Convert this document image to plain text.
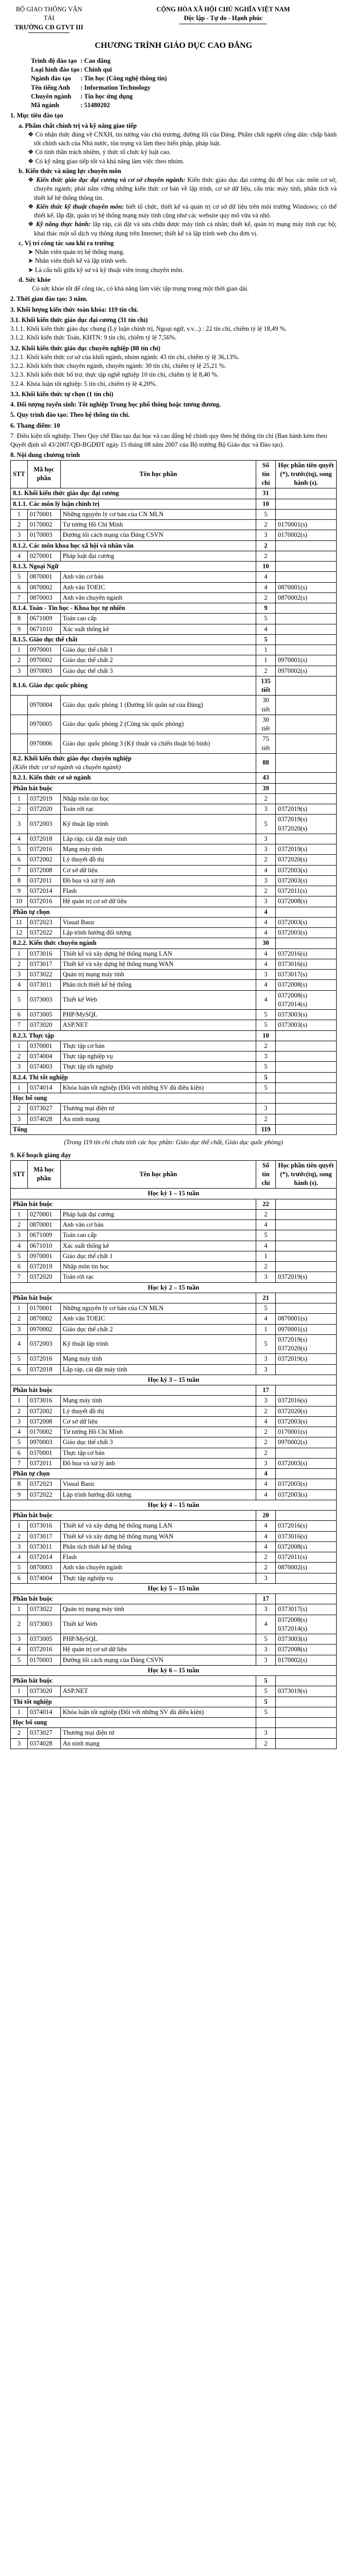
BỘ GIAO THÔNG VẬN TẢI
TRƯỜNG CĐ GTVT III
CỘNG HÒA XÃ HỘI CHỦ NGHĨA VIỆT NAM
Độc lập - Tự do - Hạnh phúc
CHƯƠNG TRÌNH GIÁO DỤC CAO ĐẲNG
Trình độ đào tạo : Cao đẳng
Loại hình đào tạo : Chính qui
Ngành đào tạo	: Tin học (Công nghệ thông tin)
Tên tiếng Anh	: Information Technology
Chuyên ngành	: Tin học ứng dụng
Mã ngành	: 51480202
1. Mục tiêu đào tạo
a. Phẩm chất chính trị và kỹ năng giao tiếp
❖ Có nhận thức đúng về CNXH, tin tưởng vào chủ trương, đường lối của Đảng. Phẩm chất người công dân: chấp hành tốt chính sách của Nhà nước, tôn trọng và làm theo hiến pháp, pháp luật.
❖ Có tinh thần trách nhiệm, ý thức tổ chức kỷ luật cao.
❖ Có kỹ năng giao tiếp tốt và khả năng làm việc theo nhóm.
b. Kiến thức và năng lực chuyên môn
❖ Kiến thức giáo dục đại cương và cơ sở chuyên ngành: Kiến thức giáo dục đại cương đủ để học các môn cơ sở, chuyên ngành; phải nắm vững những kiến thức cơ bản về lập trình, cơ sở dữ liệu, cấu trúc máy tính, phân tích và thiết kế hệ thống thông tin.
❖ Kiến thức kỹ thuật chuyên môn: biết tổ chức, thiết kế và quản trị cơ sở dữ liệu trên môi trường Windows; có thể thiết kế, lắp đặt, quản trị hệ thống mạng máy tính cũng như các website quy mô vừa và nhỏ.
❖ Kỹ năng thực hành: lắp ráp, cài đặt và sửa chữa được máy tính cá nhân; thiết kế, quản trị mạng máy tính cục bộ; khai thác một số dịch vụ thông dụng trên Internet; thiết kế và lập trình web cho đơn vị.
c. Vị trí công tác sau khi ra trường
➤ Nhân viên quản trị hệ thống mạng.
➤ Nhân viên thiết kế và lập trình web.
➤ Là cấu nối giữa kỹ sư và kỹ thuật viên trong chuyên môn.
d. Sức khỏe
Có sức khỏe tốt để công tác, có khả năng làm việc tập trung trong một thời gian dài.
2. Thời gian đào tạo: 3 năm.
3. Khối lượng kiến thức toàn khóa: 119 tín chỉ.
3.1. Khối kiến thức giáo dục đại cương (31 tín chỉ)
3.1.1. Khối kiến thức giáo dục chung (Lý luận chính trị, Ngoại ngữ, v.v...) : 22 tín chỉ, chiếm tỷ lệ 18,49 %.
3.1.2. Khối kiến thức Toán, KHTN: 9 tín chỉ, chiếm tỷ lệ 7,56%.
3.2. Khối kiến thức giáo dục chuyên nghiệp (88 tín chỉ)
3.2.1. Khối kiến thức cơ sở của khối ngành, nhóm ngành: 43 tín chỉ, chiếm tỷ lệ 36,13%.
3.2.2. Khối kiến thức chuyên ngành, chuyên ngành: 30 tín chỉ, chiếm tỷ lệ 25,21 %.
3.2.3. Khối kiến thức bổ trợ, thực tập nghề nghiệp 10 tín chỉ, chiếm tỷ lệ 8,40 %.
3.2.4. Khóa luận tốt nghiệp: 5 tín chỉ, chiếm tỷ lệ 4,20%.
3.3. Khối kiến thức tự chọn (1 tín chỉ)
4. Đối tượng tuyển sinh: Tốt nghiệp Trung học phổ thông hoặc tương đương.
5. Quy trình đào tạo: Theo hệ thống tín chỉ.
6. Thang điểm: 10
7. Điều kiện tốt nghiệp: Theo Quy chế Đào tạo đại học và cao đẳng hệ chính quy theo hệ thống tín chỉ (Ban hành kèm theo Quyết định số 43/2007/QĐ-BGDĐT ngày 15 tháng 08 năm 2007 của Bộ trưởng Bộ Giáo dục và Đào tạo).
8. Nội dung chương trình
STT	Mã học phần	Tên học phần	Số tín chỉ	Học phần tiên quyết (*), trước(tq), song hành (s).
8.1. Khối kiến thức giáo dục đại cương			31	
8.1.1. Các môn lý luận chính trị			10	
1	0170001	Những nguyên lý cơ bản của CN MLN	5	
2	0170002	Tư tưởng Hồ Chí Minh	2	0170001(s)
3	0170003	Đường lối cách mạng của Đảng CSVN	3	0170002(s)
8.1.2. Các môn khoa học xã hội và nhân văn			2	
4	0270001	Pháp luật đại cương	2	
8.1.3. Ngoại Ngữ			10	
5	0870001	Anh văn cơ bản	4	
6	0870002	Anh văn TOEIC	4	0870001(s)
7	0870003	Anh văn chuyên ngành	2	0870002(s)
8.1.4. Toán - Tin học - Khoa học tự nhiên			9	
8	0671009	Toán cao cấp	5	
9	0671010	Xác suất thống kê	4	
8.1.5. Giáo dục thể chất			5	
1	0970001	Giáo dục thể chất 1	1	
2	0970002	Giáo dục thể chất 2	1	0970001(s)
3	0970003	Giáo dục thể chất 3	2	0970002(s)
8.1.6. Giáo dục quốc phòng			135 tiết	
	0970004	Giáo dục quốc phòng 1 (Đường lối quân sự của Đảng)	30 tiết	
	0970005	Giáo dục quốc phòng 2 (Công tác quốc phòng)	30 tiết	
	0970006	Giáo dục quốc phòng 3 (Kỹ thuật và chiến thuật bộ binh)	75 tiết	
8.2. Khối kiến thức giáo dục chuyên nghiệp
(Kiến thức cơ sở ngành và chuyên ngành)			88	
8.2.1. Kiến thức cơ sở ngành			43	
Phần bắt buộc			39	
1	0372019	Nhập môn tin học	2	
2	0372020	Toán rời rạc	3	0372019(s)
3	0372003	Kỹ thuật lập trình	5	0372019(s) 0372020(s)
4	0372018	Lắp ráp, cài đặt máy tính	3	
5	0372016	Mạng máy tính	3	0372019(s)
6	0372002	Lý thuyết đồ thị	2	0372020(s)
7	0372008	Cơ sở dữ liệu	4	0372003(s)
8	0372011	Đồ họa và xử lý ảnh	3	0372003(s)
9	0372014	Flash	2	0372011(s)
10	0372016	Hệ quản trị cơ sở dữ liệu	3	0372008(s)
Phần tự chọn			4	
11	0372023	Visual Basic	4	0372003(s)
12	0372022	Lập trình hướng đối tượng	4	0372003(s)
8.2.2. Kiến thức chuyên ngành			30	
1	0373016	Thiết kế và xây dựng hệ thống mạng LAN	4	0372016(s)
2	0373017	Thiết kế và xây dựng hệ thống mạng WAN	4	0373016(s)
3	0373022	Quản trị mạng máy tính	3	0373017(s)
4	0373011	Phân tích thiết kế hệ thống	4	0372008(s)
5	0373003	Thiết kế Web	4	0372008(s) 0372014(s)
6	0373005	PHP/MySQL	5	0373003(s)
7	0373020	ASP.NET	5	0373003(s)
8.2.3. Thực tập			10	
1	0370001	Thực tập cơ bản	2	
2	0374004	Thực tập nghiệp vụ	3	
3	0374003	Thực tập tốt nghiệp	5	
8.2.4. Thi tốt nghiệp			5	
1	0374014	Khóa luận tốt nghiệp (Đối với những SV đủ điều kiện)	5	
Học bổ sung				
2	0373027	Thương mại điện tử	3	
3	0374028	An ninh mạng	2	
Tổng			119	
(Trong 119 tín chỉ chưa tính các học phần: Giáo dục thể chất, Giáo dục quốc phòng)
9. Kế hoạch giảng dạy
STT	Mã học phần	Tên học phần	Số tín chỉ	Học phần tiên quyết (*), trước(tq), song hành (s).
Học kỳ 1 – 15 tuần				
Phần bắt buộc			22	
1	0270001	Pháp luật đại cương	2	
2	0870001	Anh văn cơ bản	4	
3	0671009	Toán cao cấp	5	
4	0671010	Xác suất thống kê	4	
5	0970001	Giáo dục thể chất 1	1	
6	0372019	Nhập môn tin học	2	
7	0372020	Toán rời rạc	3	0372019(s)
Học kỳ 2 – 15 tuần				
Phần bắt buộc			21	
1	0170001	Những nguyên lý cơ bản của CN MLN	5	
2	0870002	Anh văn TOEIC	4	0870001(s)
3	0970002	Giáo dục thể chất 2	1	0970001(s)
4	0372003	Kỹ thuật lập trình	5	0372019(s) 0372020(s)
5	0372016	Mạng máy tính	3	0372019(s)
6	0372018	Lắp ráp, cài đặt máy tính	3	
Học kỳ 3 – 15 tuần				
Phần bắt buộc			17	
1	0373016	Mạng máy tính	3	0372016(s)
2	0372002	Lý thuyết đồ thị	2	0372020(s)
3	0372008	Cơ sở dữ liệu	4	0372003(s)
4	0170002	Tư tưởng Hồ Chí Minh	2	0170001(s)
5	0970003	Giáo dục thể chất 3	2	0970002(s)
6	0370001	Thực tập cơ bản	2	
7	0372011	Đồ họa và xử lý ảnh	3	0372003(s)
Phần tự chọn			4	
8	0372023	Visual Basic	4	0372003(s)
9	0372022	Lập trình hướng đối tượng	4	0372003(s)
Học kỳ 4 – 15 tuần				
Phần bắt buộc			20	
1	0373016	Thiết kế và xây dựng hệ thống mạng LAN	4	0372016(s)
2	0373017	Thiết kế và xây dựng hệ thống mạng WAN	4	0373016(s)
3	0373011	Phân tích thiết kế hệ thống	4	0372008(s)
4	0372014	Flash	2	0372011(s)
5	0870003	Anh văn chuyên ngành	2	0870002(s)
6	0374004	Thực tập nghiệp vụ	3	
Học kỳ 5 – 15 tuần				
Phần bắt buộc			17	
1	0373022	Quản trị mạng máy tính	3	0373017(s)
2	0373003	Thiết kế Web	4	0372008(s) 0372014(s)
3	0373005	PHP/MySQL	5	0373003(s)
4	0372016	Hệ quản trị cơ sở dữ liệu	3	0372008(s)
5	0170003	Đường lối cách mạng của Đảng CSVN	3	0170002(s)
Học kỳ 6 – 15 tuần				
Phần bắt buộc			5	
1	0373020	ASP.NET	5	0373019(s)
Thi tốt nghiệp			5	
1	0374014	Khóa luận tốt nghiệp (Đối với những SV đủ điều kiện)	5	
Học bổ sung				
2	0373027	Thương mại điện tử	3	
3	0374028	An ninh mạng	2	
